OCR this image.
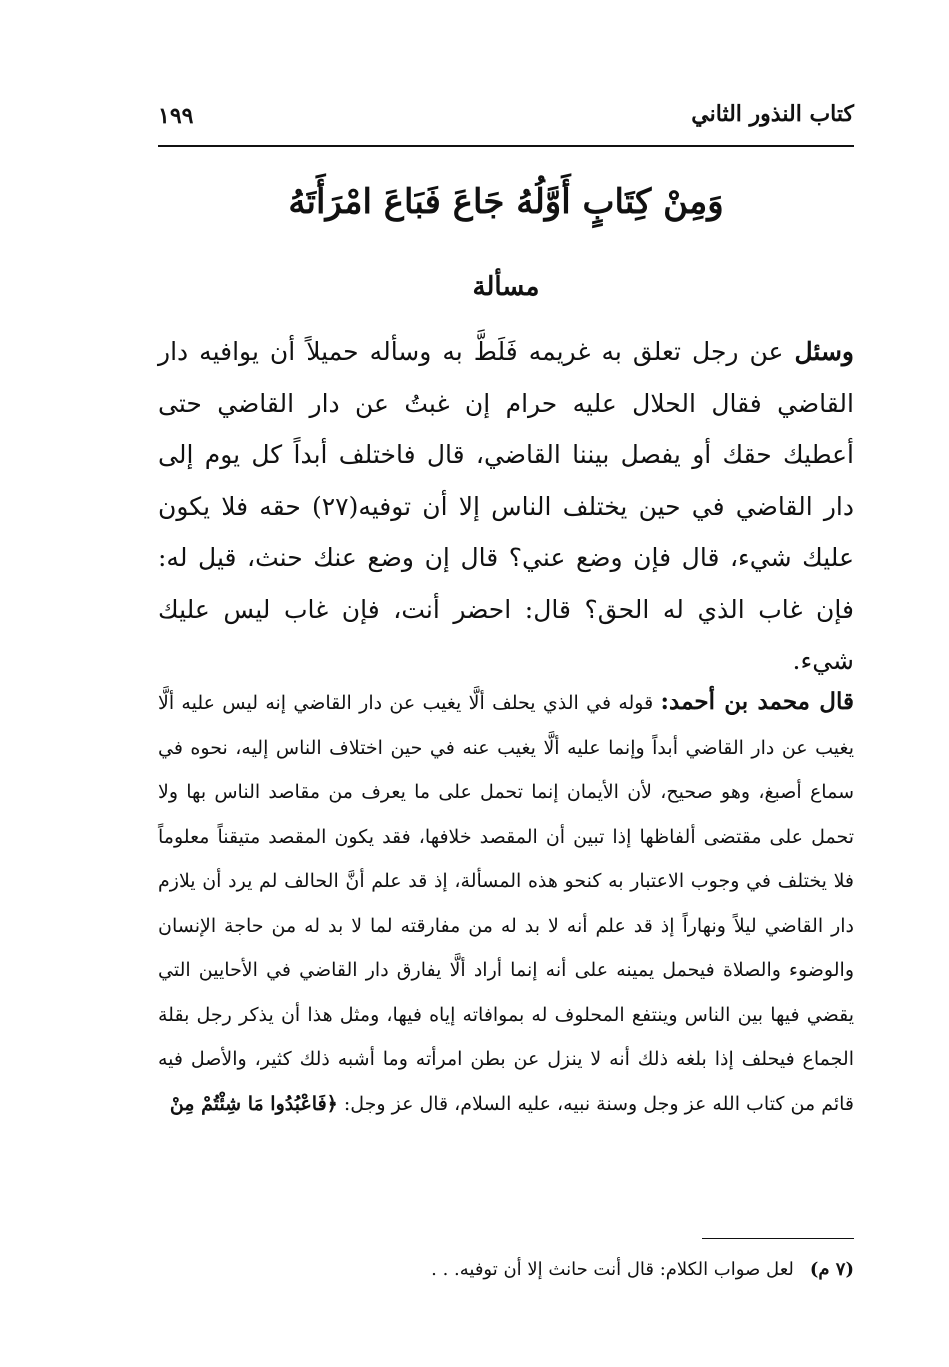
كتاب النذور الثاني
١٩٩
وَمِنْ كِتَابٍ أَوَّلُهُ جَاعَ فَبَاعَ امْرَأَتَهُ
مسألة

وسئل عن رجل تعلق به غريمه فَلَطَّ به وسأله حميلاً أن يوافيه دار القاضي فقال الحلال عليه حرام إن غبتُ عن دار القاضي حتى أعطيك حقك أو يفصل بيننا القاضي، قال فاختلف أبداً كل يوم إلى دار القاضي في حين يختلف الناس إلا أن توفيه(٢٧) حقه فلا يكون عليك شيء، قال فإن وضع عني؟ قال إن وضع عنك حنث، قيل له: فإن غاب الذي له الحق؟ قال: احضر أنت، فإن غاب ليس عليك شيء.

قال محمد بن أحمد: قوله في الذي يحلف ألَّا يغيب عن دار القاضي إنه ليس عليه ألَّا يغيب عن دار القاضي أبداً وإنما عليه ألَّا يغيب عنه في حين اختلاف الناس إليه، نحوه في سماع أصبغ، وهو صحيح، لأن الأيمان إنما تحمل على ما يعرف من مقاصد الناس بها ولا تحمل على مقتضى ألفاظها إذا تبين أن المقصد خلافها، فقد يكون المقصد متيقناً معلوماً فلا يختلف في وجوب الاعتبار به كنحو هذه المسألة، إذ قد علم أنَّ الحالف لم يرد أن يلازم دار القاضي ليلاً ونهاراً إذ قد علم أنه لا بد له من مفارقته لما لا بد له من حاجة الإنسان والوضوء والصلاة فيحمل يمينه على أنه إنما أراد ألَّا يفارق دار القاضي في الأحايين التي يقضي فيها بين الناس وينتفع المحلوف له بموافاته إياه فيها، ومثل هذا أن يذكر رجل بقلة الجماع فيحلف إذا بلغه ذلك أنه لا ينزل عن بطن امرأته وما أشبه ذلك كثير، والأصل فيه قائم من كتاب الله عز وجل وسنة نبيه، عليه السلام، قال عز وجل: ﴿فَاعْبُدُوا مَا شِئْتُمْ مِنْ

(٧ م)لعل صواب الكلام: قال أنت حانث إلا أن توفيه. . .
